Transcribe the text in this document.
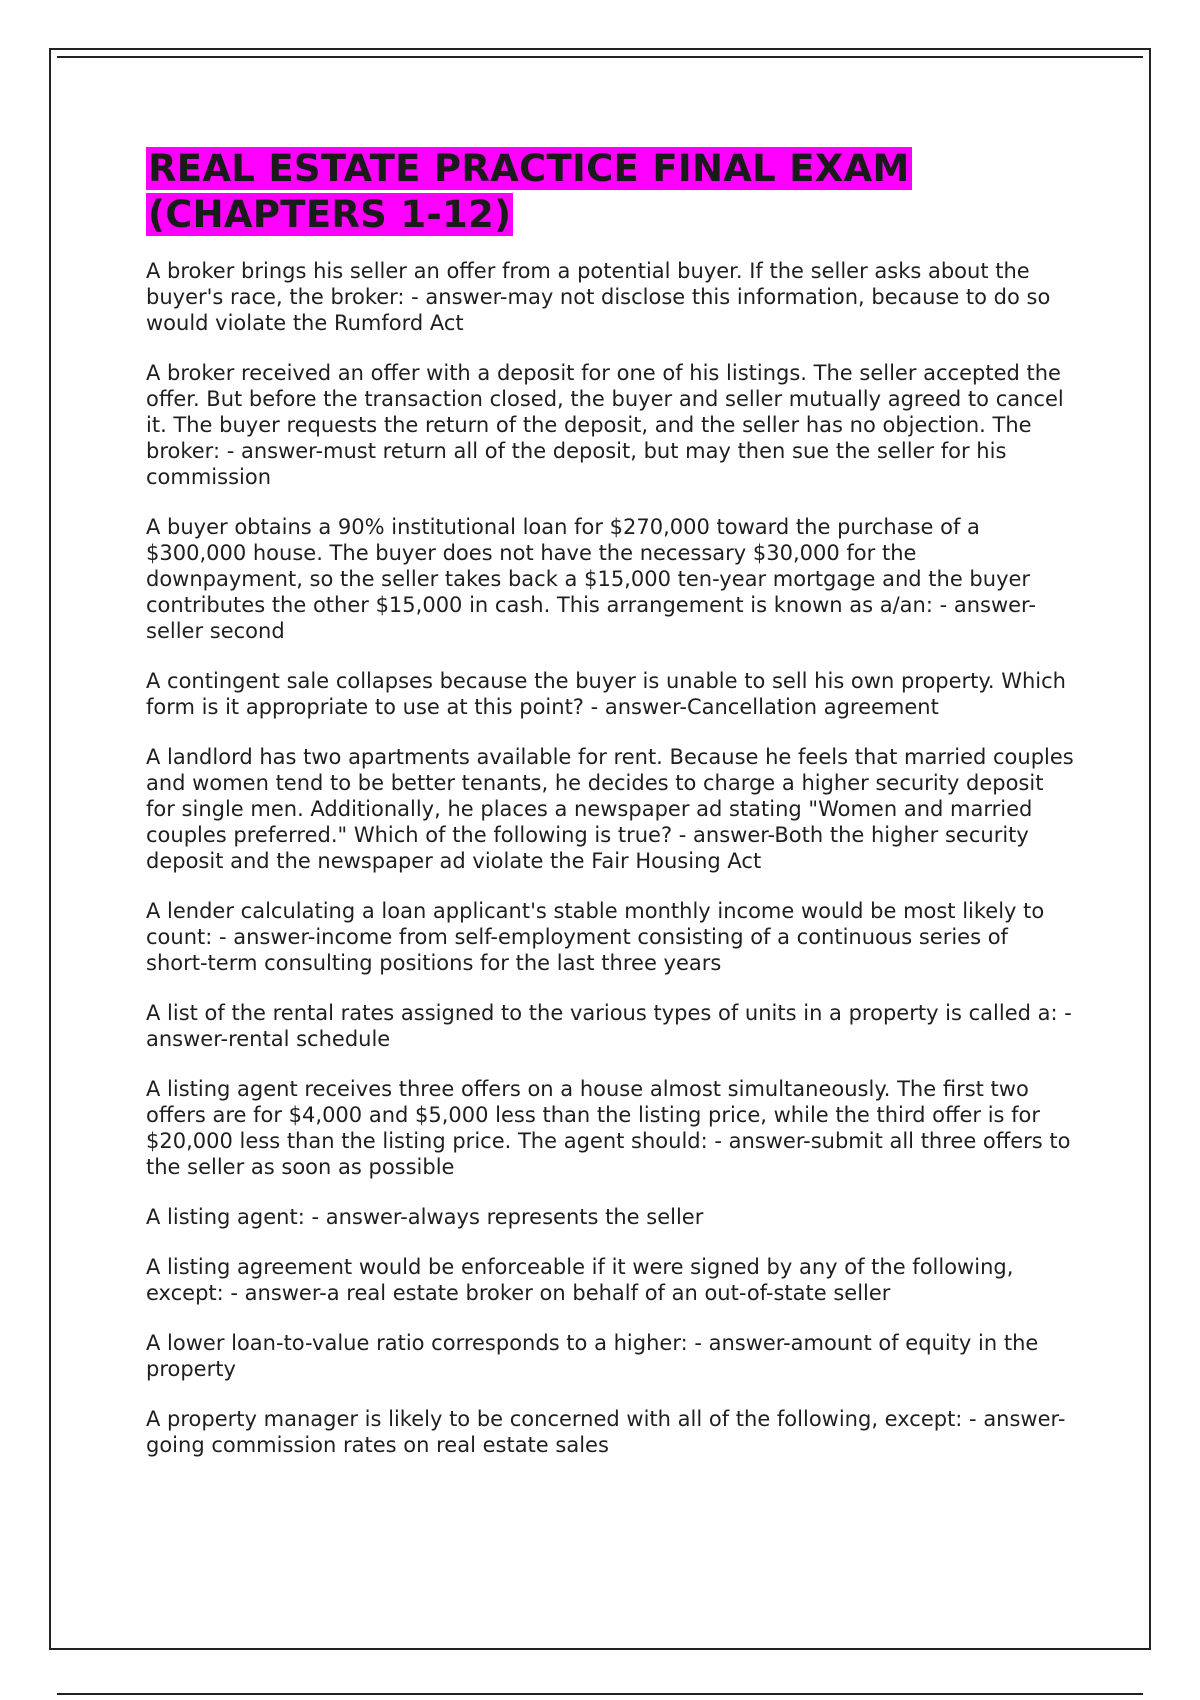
REAL ESTATE PRACTICE FINAL EXAM
(CHAPTERS 1-12)

A broker brings his seller an offer from a potential buyer. If the seller asks about the buyer's race, the broker: - answer-may not disclose this information, because to do so would violate the Rumford Act

A broker received an offer with a deposit for one of his listings. The seller accepted the offer. But before the transaction closed, the buyer and seller mutually agreed to cancel it. The buyer requests the return of the deposit, and the seller has no objection. The broker: - answer-must return all of the deposit, but may then sue the seller for his commission

A buyer obtains a 90% institutional loan for $270,000 toward the purchase of a $300,000 house. The buyer does not have the necessary $30,000 for the downpayment, so the seller takes back a $15,000 ten-year mortgage and the buyer contributes the other $15,000 in cash. This arrangement is known as a/an: - answer-seller second

A contingent sale collapses because the buyer is unable to sell his own property. Which form is it appropriate to use at this point? - answer-Cancellation agreement

A landlord has two apartments available for rent. Because he feels that married couples and women tend to be better tenants, he decides to charge a higher security deposit for single men. Additionally, he places a newspaper ad stating "Women and married couples preferred." Which of the following is true? - answer-Both the higher security deposit and the newspaper ad violate the Fair Housing Act

A lender calculating a loan applicant's stable monthly income would be most likely to count: - answer-income from self-employment consisting of a continuous series of short-term consulting positions for the last three years

A list of the rental rates assigned to the various types of units in a property is called a: - answer-rental schedule

A listing agent receives three offers on a house almost simultaneously. The first two offers are for $4,000 and $5,000 less than the listing price, while the third offer is for $20,000 less than the listing price. The agent should: - answer-submit all three offers to the seller as soon as possible

A listing agent: - answer-always represents the seller

A listing agreement would be enforceable if it were signed by any of the following, except: - answer-a real estate broker on behalf of an out-of-state seller

A lower loan-to-value ratio corresponds to a higher: - answer-amount of equity in the property

A property manager is likely to be concerned with all of the following, except: - answer-going commission rates on real estate sales
